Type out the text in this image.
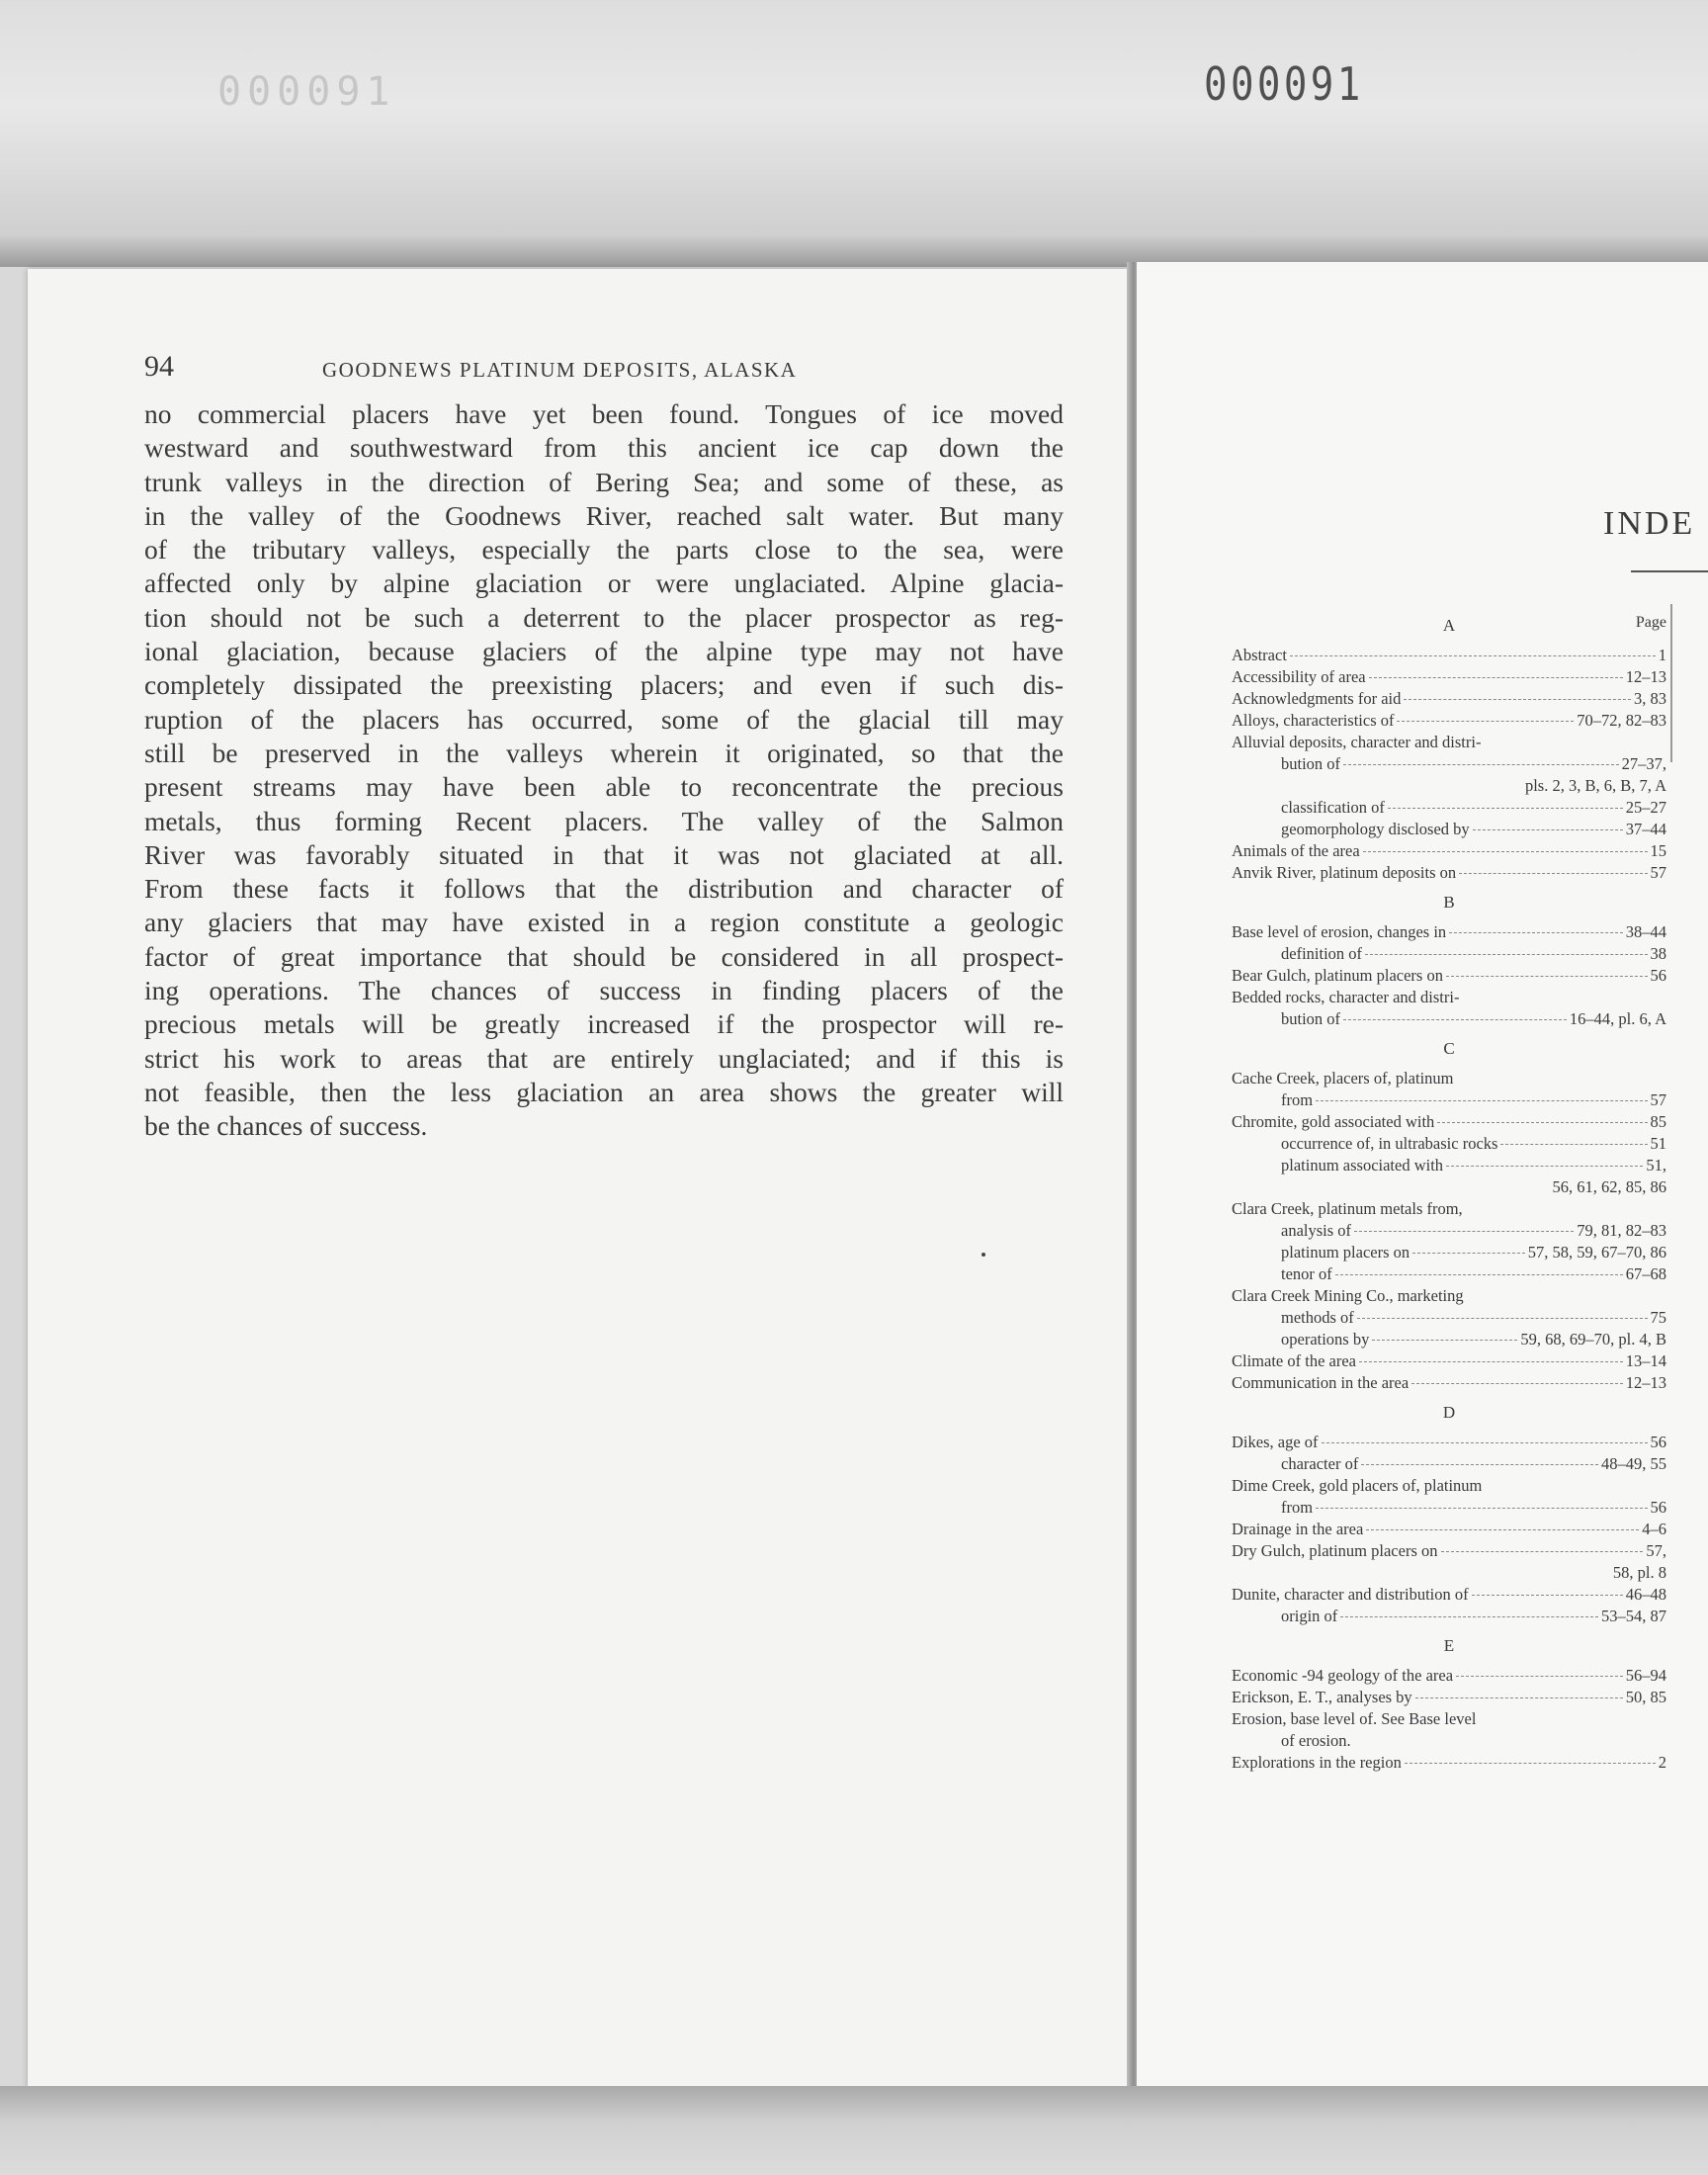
000091	000091
94	GOODNEWS PLATINUM DEPOSITS, ALASKA
no commercial placers have yet been found. Tongues of ice moved
westward and southwestward from this ancient ice cap down the
trunk valleys in the direction of Bering Sea; and some of these, as
in the valley of the Goodnews River, reached salt water. But many
of the tributary valleys, especially the parts close to the sea, were
affected only by alpine glaciation or were unglaciated. Alpine glacia-
tion should not be such a deterrent to the placer prospector as reg-
ional glaciation, because glaciers of the alpine type may not have
completely dissipated the preexisting placers; and even if such dis-
ruption of the placers has occurred, some of the glacial till may
still be preserved in the valleys wherein it originated, so that the
present streams may have been able to reconcentrate the precious
metals, thus forming Recent placers. The valley of the Salmon
River was favorably situated in that it was not glaciated at all.
From these facts it follows that the distribution and character of
any glaciers that may have existed in a region constitute a geologic
factor of great importance that should be considered in all prospect-
ing operations. The chances of success in finding placers of the
precious metals will be greatly increased if the prospector will re-
strict his work to areas that are entirely unglaciated; and if this is
not feasible, then the less glaciation an area shows the greater will
be the chances of success.
INDE
Page
A
Abstract	1
Accessibility of area	12–13
Acknowledgments for aid	3, 83
Alloys, characteristics of	70–72, 82–83
Alluvial deposits, character and distri-
bution of	27–37,
pls. 2, 3, B, 6, B, 7, A
classification of	25–27
geomorphology disclosed by	37–44
Animals of the area	15
Anvik River, platinum deposits on	57
B
Base level of erosion, changes in	38–44
definition of	38
Bear Gulch, platinum placers on	56
Bedded rocks, character and distri-
bution of	16–44, pl. 6, A
C
Cache Creek, placers of, platinum
from	57
Chromite, gold associated with	85
occurrence of, in ultrabasic rocks	51
platinum associated with	51,
56, 61, 62, 85, 86
Clara Creek, platinum metals from,
analysis of	79, 81, 82–83
platinum placers on	57, 58, 59, 67–70, 86
tenor of	67–68
Clara Creek Mining Co., marketing
methods of	75
operations by	59, 68, 69–70, pl. 4, B
Climate of the area	13–14
Communication in the area	12–13
D
Dikes, age of	56
character of	48–49, 55
Dime Creek, gold placers of, platinum
from	56
Drainage in the area	4–6
Dry Gulch, platinum placers on	57,
58, pl. 8
Dunite, character and distribution of	46–48
origin of	53–54, 87
E
Economic -94 geology of the area	56–94
Erickson, E. T., analyses by	50, 85
Erosion, base level of. See Base level
of erosion.
Explorations in the region	2
